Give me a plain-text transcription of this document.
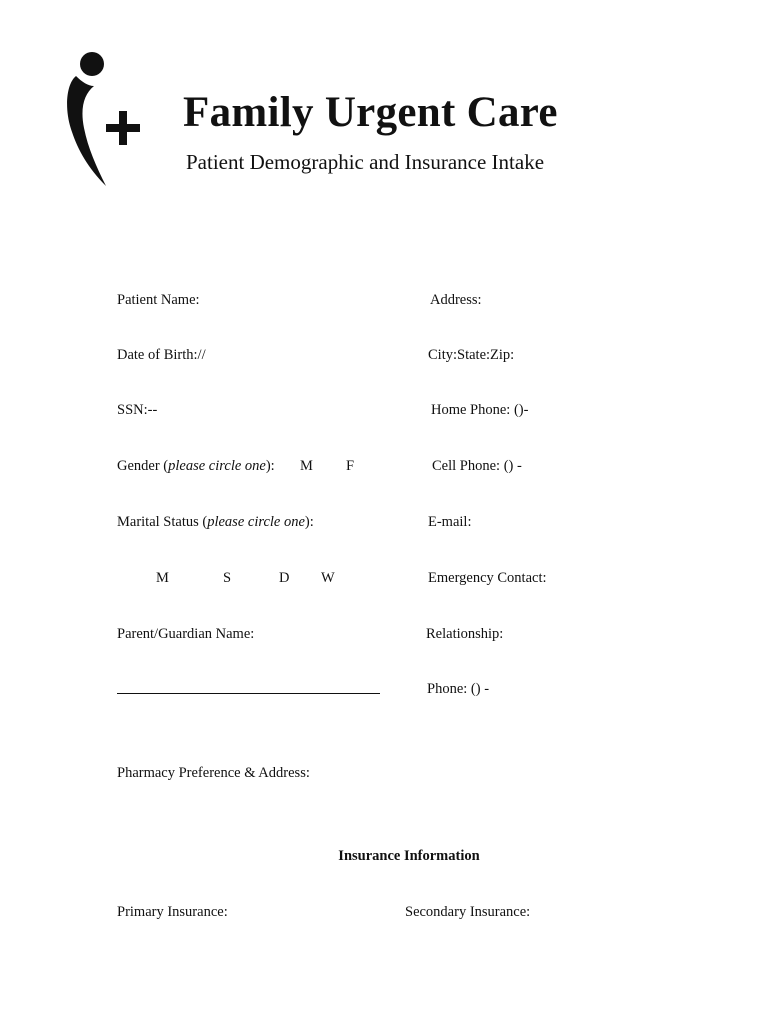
Family Urgent Care
Patient Demographic and Insurance Intake
Patient Name:	Address:
Date of Birth://	City:State:Zip:
SSN:--	Home Phone: ()-
Gender (please circle one): M F	Cell Phone: () -
Marital Status (please circle one):	E-mail:
M	S	D W	Emergency Contact:
Parent/Guardian Name:	Relationship:
Phone: () -
Pharmacy Preference & Address:
Insurance Information
Primary Insurance:	Secondary Insurance:
